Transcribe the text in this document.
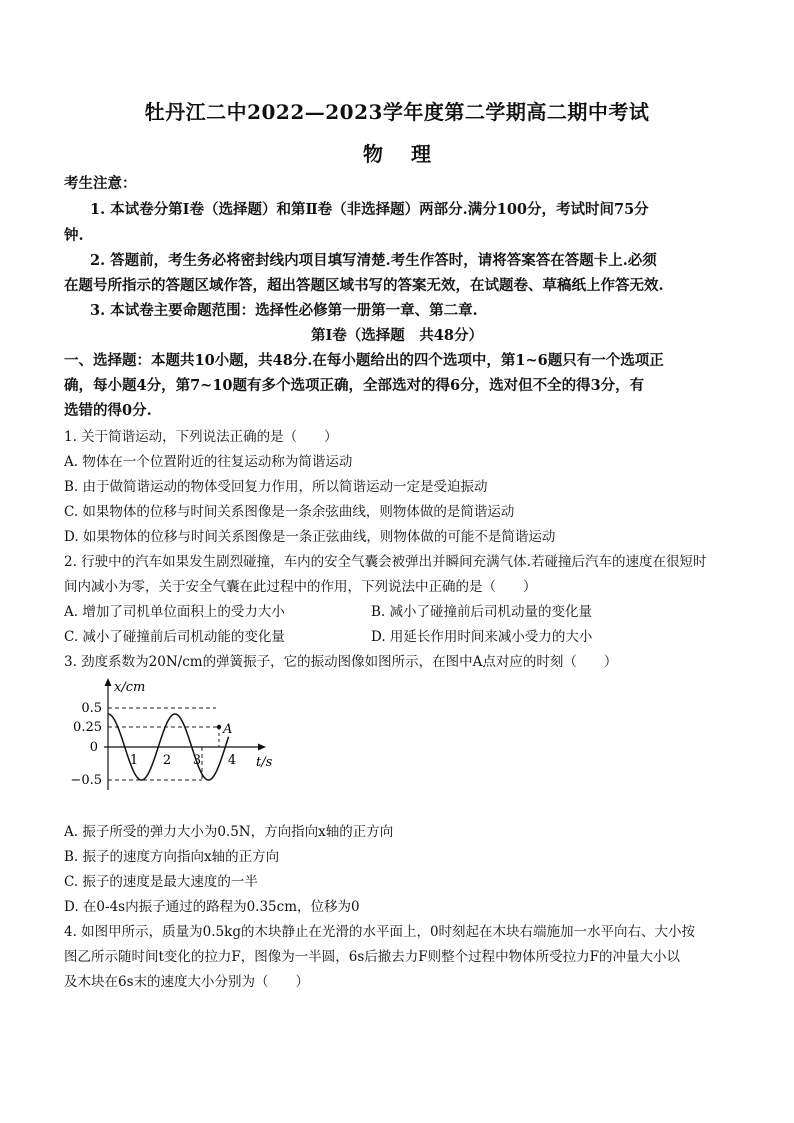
牡丹江二中2022—2023学年度第二学期高二期中考试
物理
考生注意：
1. 本试卷分第Ⅰ卷（选择题）和第Ⅱ卷（非选择题）两部分.满分100分，考试时间75分
钟.
2. 答题前，考生务必将密封线内项目填写清楚.考生作答时，请将答案答在答题卡上.必须
在题号所指示的答题区域作答，超出答题区域书写的答案无效，在试题卷、草稿纸上作答无效.
3. 本试卷主要命题范围：选择性必修第一册第一章、第二章.
第Ⅰ卷（选择题　共48分）
一、选择题：本题共10小题，共48分.在每小题给出的四个选项中，第1~6题只有一个选项正
确，每小题4分，第7~10题有多个选项正确，全部选对的得6分，选对但不全的得3分，有
选错的得0分.
1. 关于简谐运动，下列说法正确的是（　　）
A. 物体在一个位置附近的往复运动称为简谐运动
B. 由于做简谐运动的物体受回复力作用，所以简谐运动一定是受迫振动
C. 如果物体的位移与时间关系图像是一条余弦曲线，则物体做的是简谐运动
D. 如果物体的位移与时间关系图像是一条正弦曲线，则物体做的可能不是简谐运动
2. 行驶中的汽车如果发生剧烈碰撞，车内的安全气囊会被弹出并瞬间充满气体.若碰撞后汽车的速度在很短时
间内减小为零，关于安全气囊在此过程中的作用，下列说法中正确的是（　　）
A. 增加了司机单位面积上的受力大小	B. 减小了碰撞前后司机动量的变化量
C. 减小了碰撞前后司机动能的变化量	D. 用延长作用时间来减小受力的大小
3. 劲度系数为20N/cm的弹簧振子，它的振动图像如图所示，在图中A点对应的时刻（　　）
A
x/cm
t/s
0.5
0.25
0
−0.5
1 2 3 4
A. 振子所受的弹力大小为0.5N，方向指向x轴的正方向
B. 振子的速度方向指向x轴的正方向
C. 振子的速度是最大速度的一半
D. 在0-4s内振子通过的路程为0.35cm，位移为0
4. 如图甲所示，质量为0.5kg的木块静止在光滑的水平面上，0时刻起在木块右端施加一水平向右、大小按
图乙所示随时间t变化的拉力F，图像为一半圆，6s后撤去力F则整个过程中物体所受拉力F的冲量大小以
及木块在6s末的速度大小分别为（　　）
